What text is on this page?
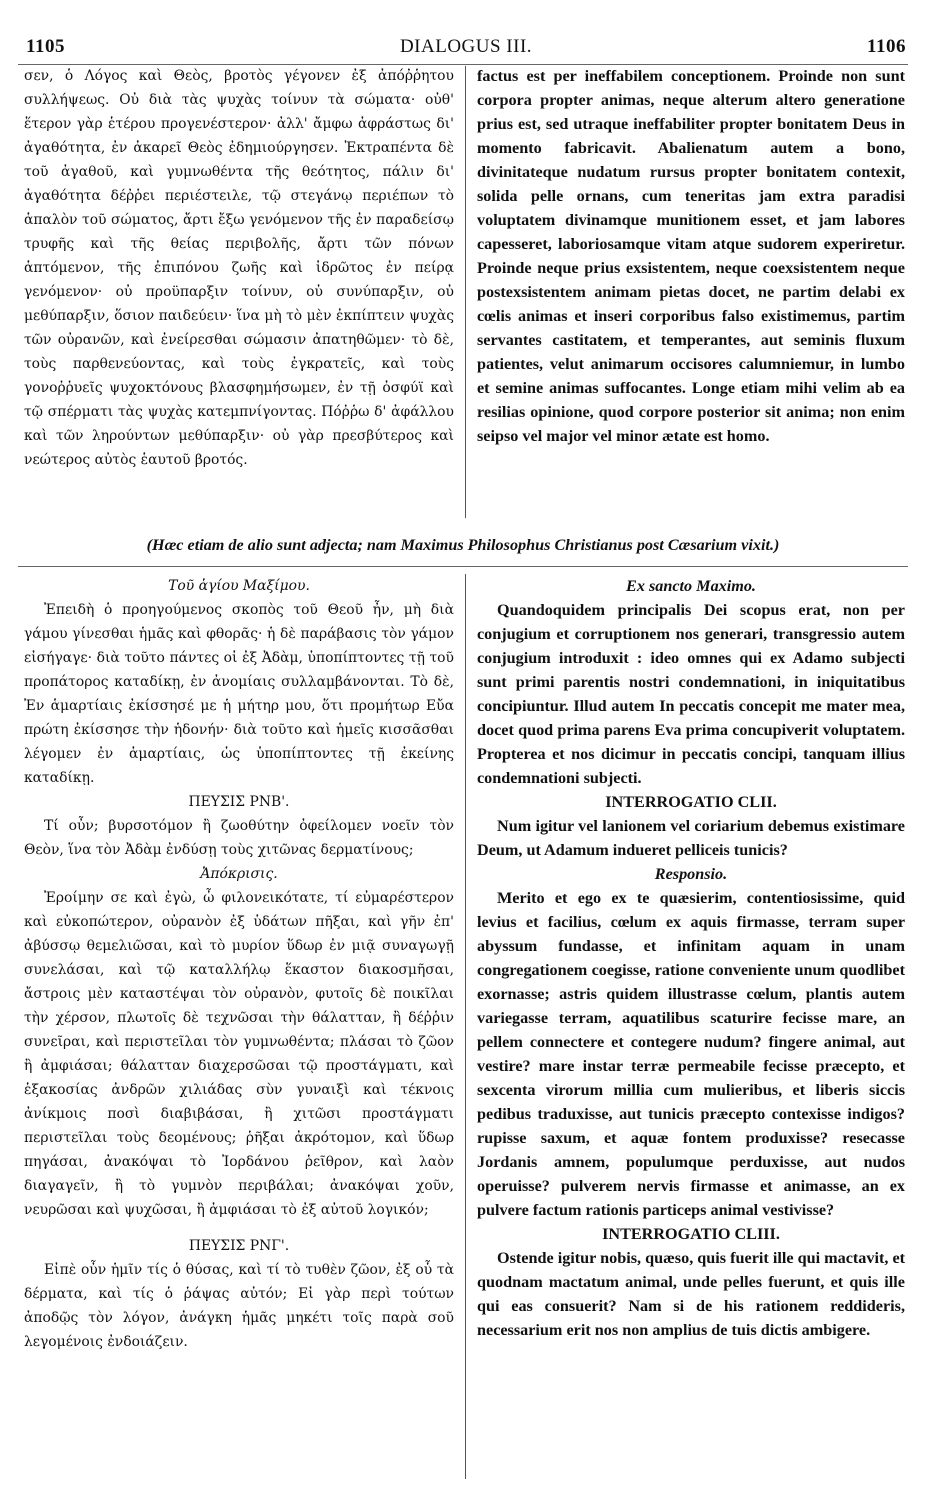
1105	DIALOGUS III.	1106

σεν, ὁ Λόγος καὶ Θεὸς, βροτὸς γέγονεν ἐξ ἀπόῤῥητου συλλήψεως. Οὐ διὰ τὰς ψυχὰς τοίνυν τὰ σώματα· οὐθ' ἕτερον γὰρ ἑτέρου προγενέστερον· ἀλλ' ἄμφω ἀφράστως δι' ἀγαθότητα, ἐν ἀκαρεῖ Θεὸς ἐδημιούργησεν. Ἐκτραπέντα δὲ τοῦ ἀγαθοῦ, καὶ γυμνωθέντα τῆς θεότητος, πάλιν δι' ἀγαθότητα δέῤῥει περιέστειλε, τῷ στεγάνῳ περιέπων τὸ ἁπαλὸν τοῦ σώματος, ἄρτι ἔξω γενόμενον τῆς ἐν παραδείσῳ τρυφῆς καὶ τῆς θείας περιβολῆς, ἄρτι τῶν πόνων ἁπτόμενον, τῆς ἐπιπόνου ζωῆς καὶ ἱδρῶτος ἐν πείρᾳ γενόμενον· οὐ προϋπαρξιν τοίνυν, οὐ συνύπαρξιν, οὐ μεθύπαρξιν, ὅσιον παιδεύειν· ἵνα μὴ τὸ μὲν ἐκπίπτειν ψυχὰς τῶν οὐρανῶν, καὶ ἐνείρεσθαι σώμασιν ἀπατηθῶμεν· τὸ δὲ, τοὺς παρθενεύοντας, καὶ τοὺς ἐγκρατεῖς, καὶ τοὺς γονοῤῥυεῖς ψυχοκτόνους βλασφημήσωμεν, ἐν τῇ ὀσφύϊ καὶ τῷ σπέρματι τὰς ψυχὰς κατεμπνίγοντας. Πόῤῥω δ' ἀφάλλου καὶ τῶν ληρούντων μεθύπαρξιν· οὐ γὰρ πρεσβύτερος καὶ νεώτερος αὐτὸς ἑαυτοῦ βροτός.

factus est per ineffabilem conceptionem. Proinde non sunt corpora propter animas, neque alterum altero generatione prius est, sed utraque ineffabiliter propter bonitatem Deus in momento fabricavit. Abalienatum autem a bono, divinitateque nudatum rursus propter bonitatem contexit, solida pelle ornans, cum teneritas jam extra paradisi voluptatem divinamque munitionem esset, et jam labores capesseret, laboriosamque vitam atque sudorem experiretur. Proinde neque prius exsistentem, neque coexsistentem neque postexsistentem animam pietas docet, ne partim delabi ex cœlis animas et inseri corporibus falso existimemus, partim servantes castitatem, et temperantes, aut seminis fluxum patientes, velut animarum occisores calumniemur, in lumbo et semine animas suffocantes. Longe etiam mihi velim ab ea resilias opinione, quod corpore posterior sit anima; non enim seipso vel major vel minor ætate est homo.

(Hæc etiam de alio sunt adjecta; nam Maximus Philosophus Christianus post Cæsarium vixit.)

Τοῦ ἁγίου Μαξίμου.

Ἐπειδὴ ὁ προηγούμενος σκοπὸς τοῦ Θεοῦ ἦν, μὴ διὰ γάμου γίνεσθαι ἡμᾶς καὶ φθορᾶς· ἡ δὲ παράβασις τὸν γάμον εἰσήγαγε· διὰ τοῦτο πάντες οἱ ἐξ Ἀδὰμ, ὑποπίπτοντες τῇ τοῦ προπάτορος καταδίκῃ, ἐν ἀνομίαις συλλαμβάνονται. Τὸ δὲ, Ἐν ἁμαρτίαις ἐκίσσησέ με ἡ μήτηρ μου, ὅτι προμήτωρ Εὔα πρώτη ἐκίσσησε τὴν ἡδονήν· διὰ τοῦτο καὶ ἡμεῖς κισσᾶσθαι λέγομεν ἐν ἁμαρτίαις, ὡς ὑποπίπτοντες τῇ ἐκείνης καταδίκῃ.

ΠΕΥΣΙΣ ΡΝΒ'.

Τί οὖν; βυρσοτόμον ἢ ζωοθύτην ὀφείλομεν νοεῖν τὸν Θεὸν, ἵνα τὸν Ἀδὰμ ἐνδύσῃ τοὺς χιτῶνας δερματίνους;

Ἀπόκρισις.

Ἐροίμην σε καὶ ἐγὼ, ὦ φιλονεικότατε, τί εὐμαρέστερον καὶ εὐκοπώτερον, οὐρανὸν ἐξ ὑδάτων πῆξαι, καὶ γῆν ἐπ' ἀβύσσῳ θεμελιῶσαι, καὶ τὸ μυρίον ὕδωρ ἐν μιᾷ συναγωγῇ συνελάσαι, καὶ τῷ καταλλήλῳ ἕκαστον διακοσμῆσαι, ἄστροις μὲν καταστέψαι τὸν οὐρανὸν, φυτοῖς δὲ ποικῖλαι τὴν χέρσον, πλωτοῖς δὲ τεχνῶσαι τὴν θάλατταν, ἢ δέῤῥιν συνεῖραι, καὶ περιστεῖλαι τὸν γυμνωθέντα; πλάσαι τὸ ζῶον ἢ ἀμφιάσαι; θάλατταν διαχερσῶσαι τῷ προστάγματι, καὶ ἑξακοσίας ἀνδρῶν χιλιάδας σὺν γυναιξὶ καὶ τέκνοις ἀνίκμοις ποσὶ διαβιβάσαι, ἢ χιτῶσι προστάγματι περιστεῖλαι τοὺς δεομένους; ῥῆξαι ἀκρότομον, καὶ ὕδωρ πηγάσαι, ἀνακόψαι τὸ Ἰορδάνου ῥεῖθρον, καὶ λαὸν διαγαγεῖν, ἢ τὸ γυμνὸν περιβάλαι; ἀνακόψαι χοῦν, νευρῶσαι καὶ ψυχῶσαι, ἢ ἀμφιάσαι τὸ ἐξ αὐτοῦ λογικόν;

ΠΕΥΣΙΣ ΡΝΓ'.

Εἰπὲ οὖν ἡμῖν τίς ὁ θύσας, καὶ τί τὸ τυθὲν ζῶον, ἐξ οὗ τὰ δέρματα, καὶ τίς ὁ ῥάψας αὐτόν; Εἰ γὰρ περὶ τούτων ἀποδῷς τὸν λόγον, ἀνάγκη ἡμᾶς μηκέτι τοῖς παρὰ σοῦ λεγομένοις ἐνδοιάζειν.

Ex sancto Maximo.

Quandoquidem principalis Dei scopus erat, non per conjugium et corruptionem nos generari, transgressio autem conjugium introduxit : ideo omnes qui ex Adamo subjecti sunt primi parentis nostri condemnationi, in iniquitatibus concipiuntur. Illud autem In peccatis concepit me mater mea, docet quod prima parens Eva prima concupiverit voluptatem. Propterea et nos dicimur in peccatis concipi, tanquam illius condemnationi subjecti.

INTERROGATIO CLII.

Num igitur vel lanionem vel coriarium debemus existimare Deum, ut Adamum indueret pelliceis tunicis?

Responsio.

Merito et ego ex te quæsierim, contentiosissime, quid levius et facilius, cœlum ex aquis firmasse, terram super abyssum fundasse, et infinitam aquam in unam congregationem coegisse, ratione conveniente unum quodlibet exornasse; astris quidem illustrasse cœlum, plantis autem variegasse terram, aquatilibus scaturire fecisse mare, an pellem connectere et contegere nudum? fingere animal, aut vestire? mare instar terræ permeabile fecisse præcepto, et sexcenta virorum millia cum mulieribus, et liberis siccis pedibus traduxisse, aut tunicis præcepto contexisse indigos? rupisse saxum, et aquæ fontem produxisse? resecasse Jordanis amnem, populumque perduxisse, aut nudos operuisse? pulverem nervis firmasse et animasse, an ex pulvere factum rationis particeps animal vestivisse?

INTERROGATIO CLIII.

Ostende igitur nobis, quæso, quis fuerit ille qui mactavit, et quodnam mactatum animal, unde pelles fuerunt, et quis ille qui eas consuerit? Nam si de his rationem reddideris, necessarium erit nos non amplius de tuis dictis ambigere.
